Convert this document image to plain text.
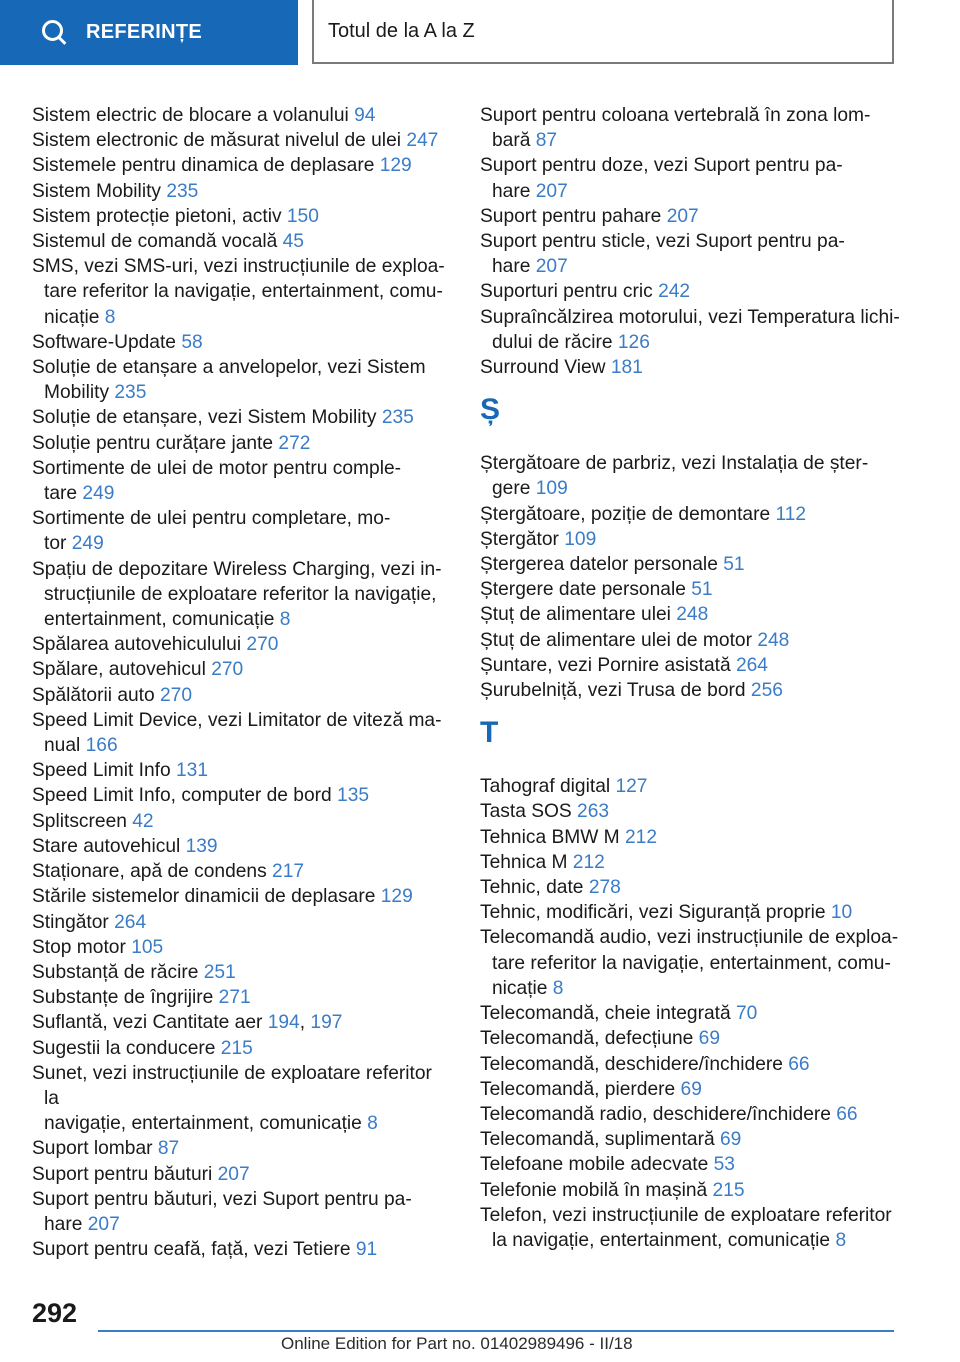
REFERINȚE	Totul de la A la Z
Sistem electric de blocare a volanului 94
Sistem electronic de măsurat nivelul de ulei 247
Sistemele pentru dinamica de deplasare 129
Sistem Mobility 235
Sistem protecție pietoni, activ 150
Sistemul de comandă vocală 45
SMS, vezi SMS-uri, vezi instrucțiunile de exploa-
tare referitor la navigație, entertainment, comu-
nicație 8
Software-Update 58
Soluție de etanșare a anvelopelor, vezi Sistem
Mobility 235
Soluție de etanșare, vezi Sistem Mobility 235
Soluție pentru curățare jante 272
Sortimente de ulei de motor pentru comple-
tare 249
Sortimente de ulei pentru completare, mo-
tor 249
Spațiu de depozitare Wireless Charging, vezi in-
strucțiunile de exploatare referitor la navigație,
entertainment, comunicație 8
Spălarea autovehiculului 270
Spălare, autovehicul 270
Spălătorii auto 270
Speed Limit Device, vezi Limitator de viteză ma-
nual 166
Speed Limit Info 131
Speed Limit Info, computer de bord 135
Splitscreen 42
Stare autovehicul 139
Staționare, apă de condens 217
Stările sistemelor dinamicii de deplasare 129
Stingător 264
Stop motor 105
Substanță de răcire 251
Substanțe de îngrijire 271
Suflantă, vezi Cantitate aer 194, 197
Sugestii la conducere 215
Sunet, vezi instrucțiunile de exploatare referitor la
navigație, entertainment, comunicație 8
Suport lombar 87
Suport pentru băuturi 207
Suport pentru băuturi, vezi Suport pentru pa-
hare 207
Suport pentru ceafă, față, vezi Tetiere 91
Suport pentru coloana vertebrală în zona lom-
bară 87
Suport pentru doze, vezi Suport pentru pa-
hare 207
Suport pentru pahare 207
Suport pentru sticle, vezi Suport pentru pa-
hare 207
Suporturi pentru cric 242
Supraîncălzirea motorului, vezi Temperatura lichi-
dului de răcire 126
Surround View 181
Ș
Ștergătoare de parbriz, vezi Instalația de șter-
gere 109
Ștergătoare, poziție de demontare 112
Ștergător 109
Ștergerea datelor personale 51
Ștergere date personale 51
Ștuț de alimentare ulei 248
Ștuț de alimentare ulei de motor 248
Șuntare, vezi Pornire asistată 264
Șurubelniță, vezi Trusa de bord 256
T
Tahograf digital 127
Tasta SOS 263
Tehnica BMW M 212
Tehnica M 212
Tehnic, date 278
Tehnic, modificări, vezi Siguranță proprie 10
Telecomandă audio, vezi instrucțiunile de exploa-
tare referitor la navigație, entertainment, comu-
nicație 8
Telecomandă, cheie integrată 70
Telecomandă, defecțiune 69
Telecomandă, deschidere/închidere 66
Telecomandă, pierdere 69
Telecomandă radio, deschidere/închidere 66
Telecomandă, suplimentară 69
Telefoane mobile adecvate 53
Telefonie mobilă în mașină 215
Telefon, vezi instrucțiunile de exploatare referitor
la navigație, entertainment, comunicație 8
292
Online Edition for Part no. 01402989496 - II/18
